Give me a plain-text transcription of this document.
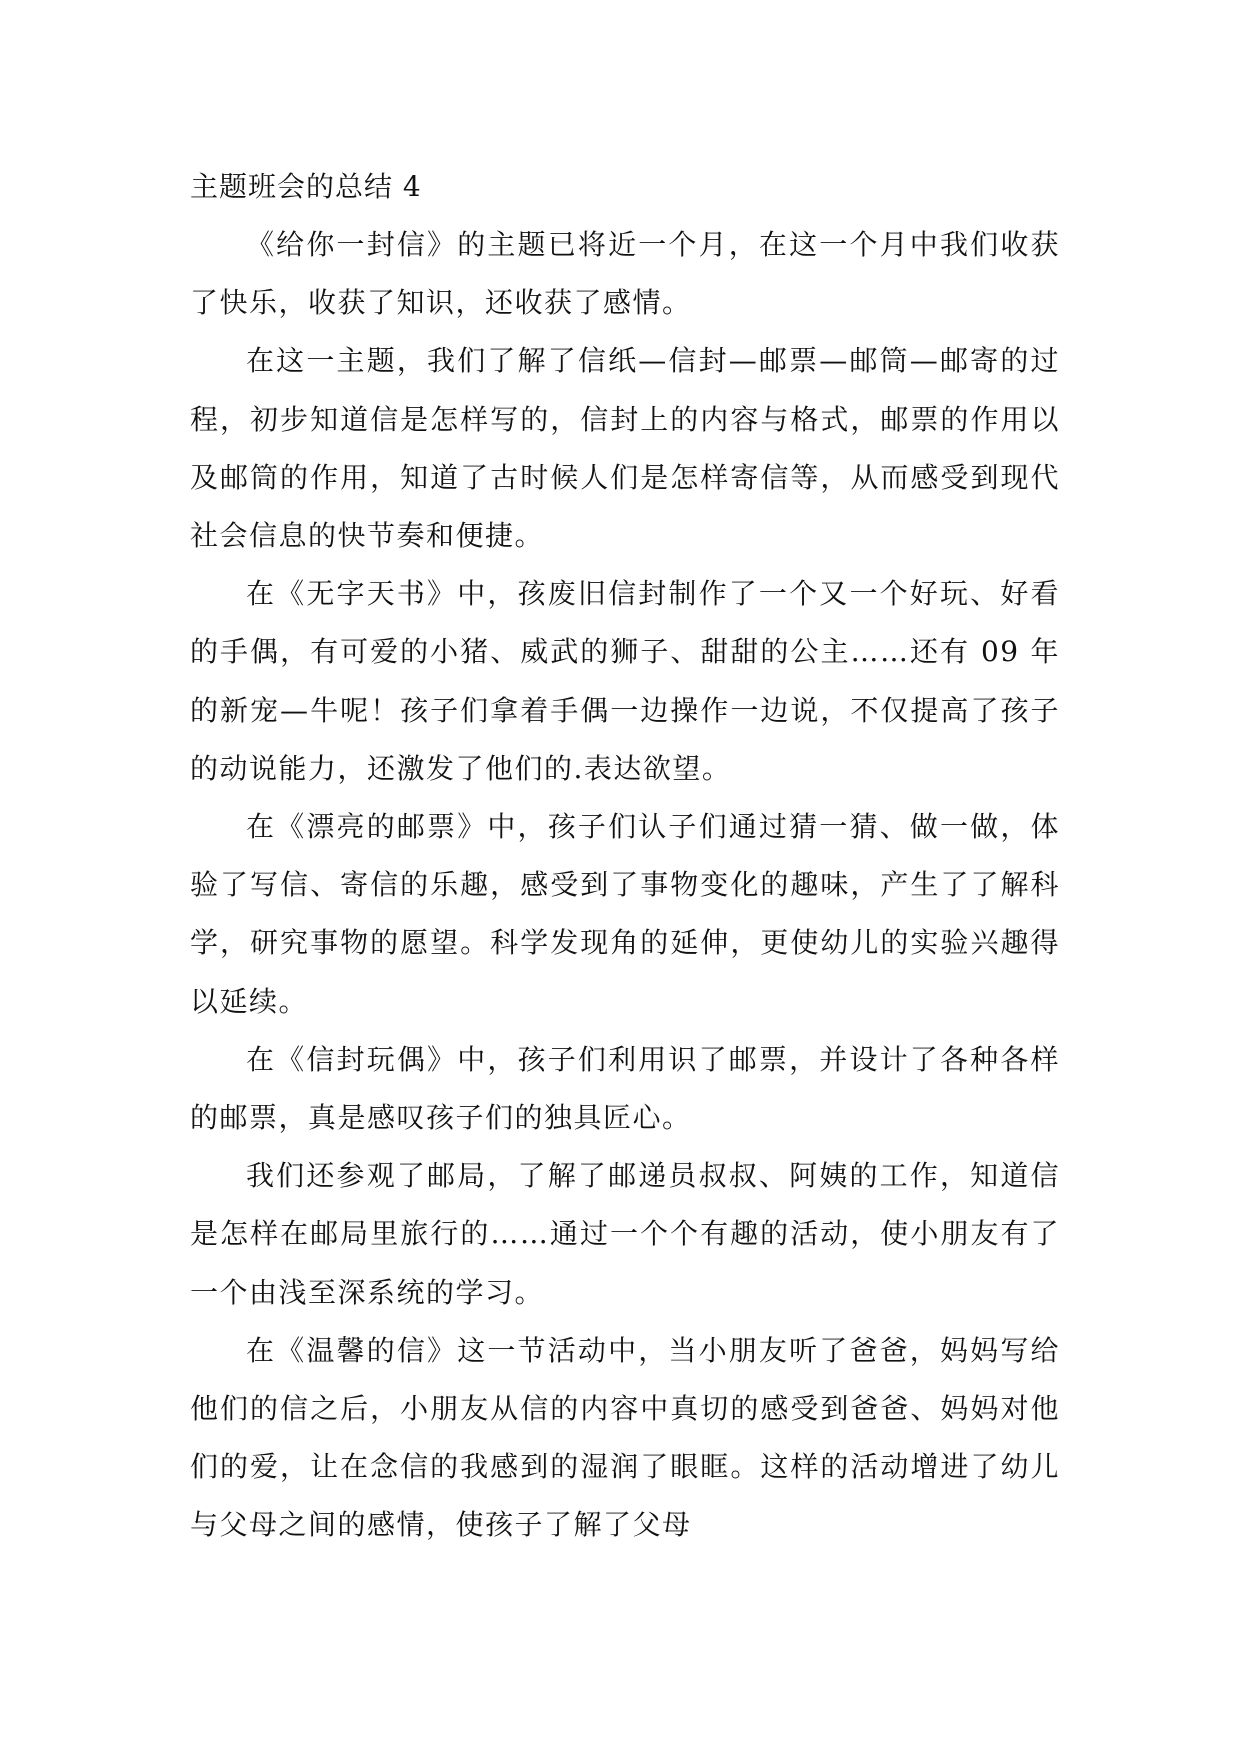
主题班会的总结 4

《给你一封信》的主题已将近一个月，在这一个月中我们收获了快乐，收获了知识，还收获了感情。

在这一主题，我们了解了信纸—信封—邮票—邮筒—邮寄的过程，初步知道信是怎样写的，信封上的内容与格式，邮票的作用以及邮筒的作用，知道了古时候人们是怎样寄信等，从而感受到现代社会信息的快节奏和便捷。

在《无字天书》中，孩废旧信封制作了一个又一个好玩、好看的手偶，有可爱的小猪、威武的狮子、甜甜的公主……还有 09 年的新宠—牛呢！孩子们拿着手偶一边操作一边说，不仅提高了孩子的动说能力，还激发了他们的.表达欲望。

在《漂亮的邮票》中，孩子们认子们通过猜一猜、做一做，体验了写信、寄信的乐趣，感受到了事物变化的趣味，产生了了解科学，研究事物的愿望。科学发现角的延伸，更使幼儿的实验兴趣得以延续。

在《信封玩偶》中，孩子们利用识了邮票，并设计了各种各样的邮票，真是感叹孩子们的独具匠心。

我们还参观了邮局，了解了邮递员叔叔、阿姨的工作，知道信是怎样在邮局里旅行的……通过一个个有趣的活动，使小朋友有了一个由浅至深系统的学习。

在《温馨的信》这一节活动中，当小朋友听了爸爸，妈妈写给他们的信之后，小朋友从信的内容中真切的感受到爸爸、妈妈对他们的爱，让在念信的我感到的湿润了眼眶。这样的活动增进了幼儿与父母之间的感情，使孩子了解了父母
